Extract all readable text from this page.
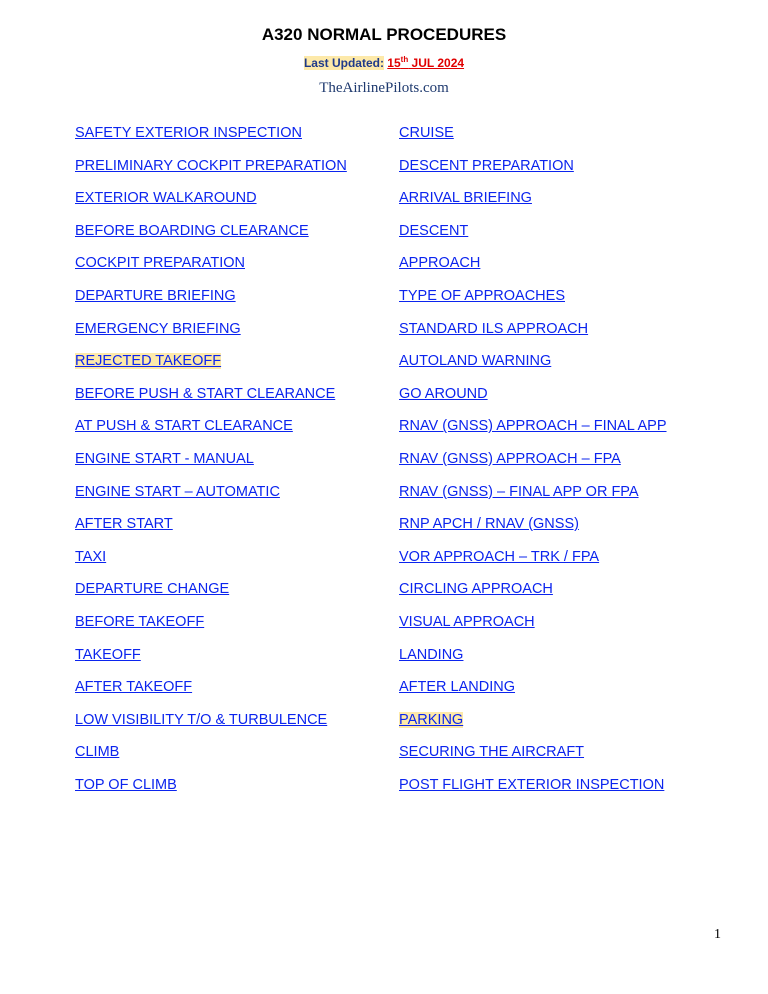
A320 NORMAL PROCEDURES
Last Updated: 15th JUL 2024
TheAirlinePilots.com
SAFETY EXTERIOR INSPECTION
PRELIMINARY COCKPIT PREPARATION
EXTERIOR WALKAROUND
BEFORE BOARDING CLEARANCE
COCKPIT PREPARATION
DEPARTURE BRIEFING
EMERGENCY BRIEFING
REJECTED TAKEOFF
BEFORE PUSH & START CLEARANCE
AT PUSH & START CLEARANCE
ENGINE START - MANUAL
ENGINE START – AUTOMATIC
AFTER START
TAXI
DEPARTURE CHANGE
BEFORE TAKEOFF
TAKEOFF
AFTER TAKEOFF
LOW VISIBILITY T/O & TURBULENCE
CLIMB
TOP OF CLIMB
CRUISE
DESCENT PREPARATION
ARRIVAL BRIEFING
DESCENT
APPROACH
TYPE OF APPROACHES
STANDARD ILS APPROACH
AUTOLAND WARNING
GO AROUND
RNAV (GNSS) APPROACH – FINAL APP
RNAV (GNSS) APPROACH – FPA
RNAV (GNSS) – FINAL APP OR FPA
RNP APCH / RNAV (GNSS)
VOR APPROACH – TRK / FPA
CIRCLING APPROACH
VISUAL APPROACH
LANDING
AFTER LANDING
PARKING
SECURING THE AIRCRAFT
POST FLIGHT EXTERIOR INSPECTION
1
